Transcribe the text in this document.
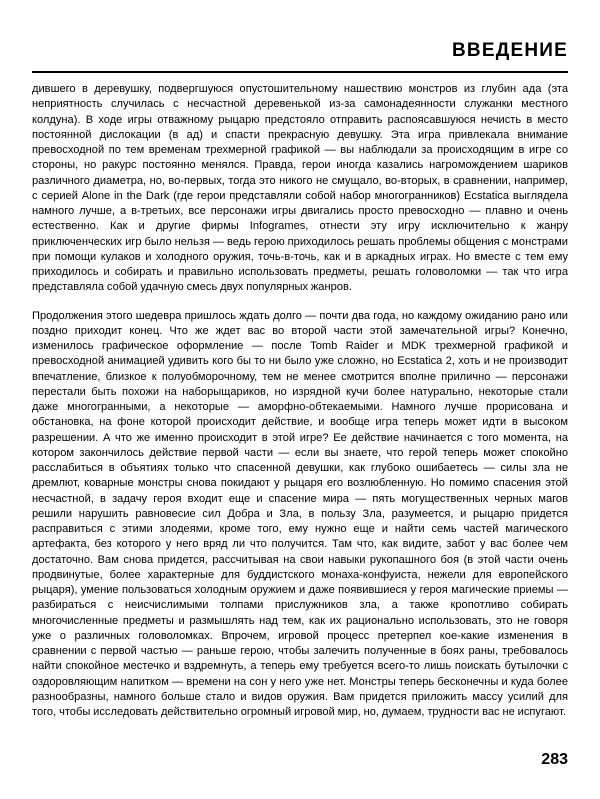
ВВЕДЕНИЕ

дившего в деревушку, подвергшуюся опустошительному нашествию монстров из глубин ада (эта неприятность случилась с несчастной деревенькой из-за самонадеянности служанки местного колдуна). В ходе игры отважному рыцарю предстояло отправить распоясавшуюся нечисть в место постоянной дислокации (в ад) и спасти прекрасную девушку. Эта игра привлекала внимание превосходной по тем временам трехмерной графикой — вы наблюдали за происходящим в игре со стороны, но ракурс постоянно менялся. Правда, герои иногда казались нагромождением шариков различного диаметра, но, во-первых, тогда это никого не смущало, во-вторых, в сравнении, например, с серией Alone in the Dark (где герои представляли собой набор многогранников) Ecstatica выглядела намного лучше, а в-третьих, все персонажи игры двигались просто превосходно — плавно и очень естественно. Как и другие фирмы Infogrames, отнести эту игру исключительно к жанру приключенческих игр было нельзя — ведь герою приходилось решать проблемы общения с монстрами при помощи кулаков и холодного оружия, точь-в-точь, как и в аркадных играх. Но вместе с тем ему приходилось и собирать и правильно использовать предметы, решать головоломки — так что игра представляла собой удачную смесь двух популярных жанров.

Продолжения этого шедевра пришлось ждать долго — почти два года, но каждому ожиданию рано или поздно приходит конец. Что же ждет вас во второй части этой замечательной игры? Конечно, изменилось графическое оформление — после Tomb Raider и MDK трехмерной графикой и превосходной анимацией удивить кого бы то ни было уже сложно, но Ecstatica 2, хоть и не производит впечатление, близкое к полуобморочному, тем не менее смотрится вполне прилично — персонажи перестали быть похожи на наборыщариков, но изрядной кучи более натурально, некоторые стали даже многогранными, а некоторые — аморфно-обтекаемыми. Намного лучше прорисована и обстановка, на фоне которой происходит действие, и вообще игра теперь может идти в высоком разрешении. А что же именно происходит в этой игре? Ее действие начинается с того момента, на котором закончилось действие первой части — если вы знаете, что герой теперь может спокойно расслабиться в объятиях только что спасенной девушки, как глубоко ошибаетесь — силы зла не дремлют, коварные монстры снова покидают у рыцаря его возлюбленную. Но помимо спасения этой несчастной, в задачу героя входит еще и спасение мира — пять могущественных черных магов решили нарушить равновесие сил Добра и Зла, в пользу Зла, разумеется, и рыцарю придется расправиться с этими злодеями, кроме того, ему нужно еще и найти семь частей магического артефакта, без которого у него вряд ли что получится. Там что, как видите, забот у вас более чем достаточно. Вам снова придется, рассчитывая на свои навыки рукопашного боя (в этой части очень продвинутые, более характерные для буддистского монаха-конфуиста, нежели для европейского рыцаря), умение пользоваться холодным оружием и даже появившиеся у героя магические приемы — разбираться с неисчислимыми толпами прислужников зла, а также кропотливо собирать многочисленные предметы и размышлять над тем, как их рационально использовать, это не говоря уже о различных головоломках. Впрочем, игровой процесс претерпел кое-какие изменения в сравнении с первой частью — раньше герою, чтобы залечить полученные в боях раны, требовалось найти спокойное местечко и вздремнуть, а теперь ему требуется всего-то лишь поискать бутылочки с оздоровляющим напитком — времени на сон у него уже нет. Монстры теперь бесконечны и куда более разнообразны, намного больше стало и видов оружия. Вам придется приложить массу усилий для того, чтобы исследовать действительно огромный игровой мир, но, думаем, трудности вас не испугают.

283
